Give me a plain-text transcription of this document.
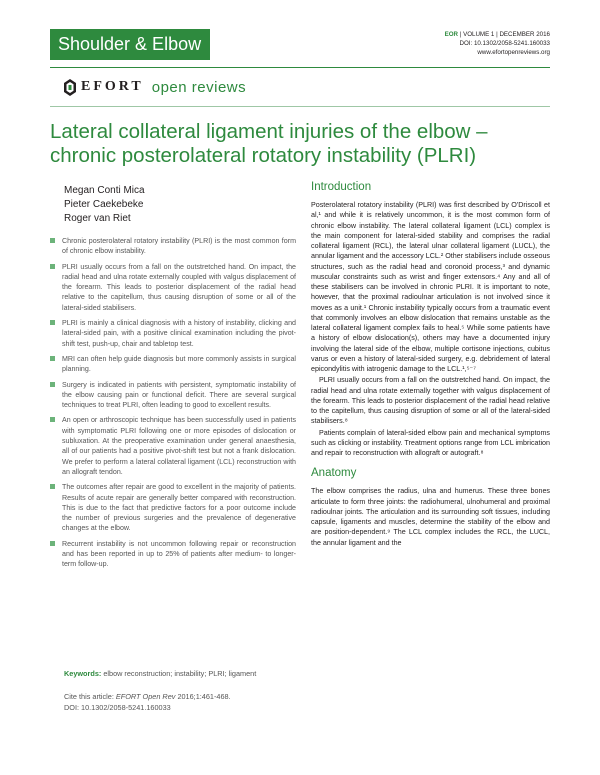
Shoulder & Elbow	EOR | VOLUME 1 | DECEMBER 2016
DOI: 10.1302/2058-5241.160033
www.efortopenreviews.org
EFORT open reviews
Lateral collateral ligament injuries of the elbow – chronic posterolateral rotatory instability (PLRI)
Megan Conti Mica
Pieter Caekebeke
Roger van Riet
Chronic posterolateral rotatory instability (PLRI) is the most common form of chronic elbow instability.
PLRI usually occurs from a fall on the outstretched hand. On impact, the radial head and ulna rotate externally coupled with valgus displacement of the forearm. This leads to posterior displacement of the radial head relative to the capitellum, thus causing disruption of some or all of the lateral-sided stabilisers.
PLRI is mainly a clinical diagnosis with a history of instability, clicking and lateral-sided pain, with a positive clinical examination including the pivot-shift test, push-up, chair and tabletop test.
MRI can often help guide diagnosis but more commonly assists in surgical planning.
Surgery is indicated in patients with persistent, symptomatic instability of the elbow causing pain or functional deficit. There are several surgical techniques to treat PLRI, often leading to good to excellent results.
An open or arthroscopic technique has been successfully used in patients with symptomatic PLRI following one or more episodes of dislocation or subluxation. At the preoperative examination under general anaesthesia, all of our patients had a positive pivot-shift test but not a frank dislocation. We prefer to perform a lateral collateral ligament (LCL) reconstruction with an allograft tendon.
The outcomes after repair are good to excellent in the majority of patients. Results of acute repair are generally better compared with reconstruction. This is due to the fact that predictive factors for a poor outcome include the number of previous surgeries and the prevalence of degenerative changes at the elbow.
Recurrent instability is not uncommon following repair or reconstruction and has been reported in up to 25% of patients after medium- to longer-term follow-up.
Keywords: elbow reconstruction; instability; PLRI; ligament
Cite this article: EFORT Open Rev 2016;1:461-468.
DOI: 10.1302/2058-5241.160033
Introduction

Posterolateral rotatory instability (PLRI) was first described by O'Driscoll et al,¹ and while it is relatively uncommon, it is the most common form of chronic elbow instability. The lateral collateral ligament (LCL) complex is the main component for lateral-sided stability and comprises the radial collateral ligament (RCL), the lateral ulnar collateral ligament (LUCL), the annular ligament and the accessory LCL.² Other stabilisers include osseous structures, such as the radial head and coronoid process,³ and dynamic muscular constraints such as wrist and finger extensors.⁴ Any and all of these stabilisers can be involved in chronic PLRI. It is important to note, however, that the proximal radioulnar articulation is not involved since it moves as a unit.¹ Chronic instability typically occurs from a traumatic event that commonly involves an elbow dislocation that remains unstable as the lateral collateral ligament complex fails to heal.⁵ While some patients have a history of elbow dislocation(s), others may have a documented injury involving the lateral side of the elbow, multiple cortisone injections, cubitus varus or even a history of lateral-sided surgery, e.g. debridement of lateral epicondylitis with iatrogenic damage to the LCL.¹,⁵⁻⁷

PLRI usually occurs from a fall on the outstretched hand. On impact, the radial head and ulna rotate externally together with valgus displacement of the forearm. This leads to posterior displacement of the radial head relative to the capitellum, thus causing disruption of some or all of the lateral-sided stabilisers.⁸

Patients complain of lateral-sided elbow pain and mechanical symptoms such as clicking or instability. Treatment options range from LCL imbrication and repair to reconstruction with allograft or autograft.⁸

Anatomy

The elbow comprises the radius, ulna and humerus. These three bones articulate to form three joints: the radiohumeral, ulnohumeral and proximal radioulnar joints. The articulation and its surrounding soft tissues, including capsule, ligaments and muscles, determine the stability of the elbow and are position-dependent.⁹ The LCL complex includes the RCL, the LUCL, the annular ligament and the
